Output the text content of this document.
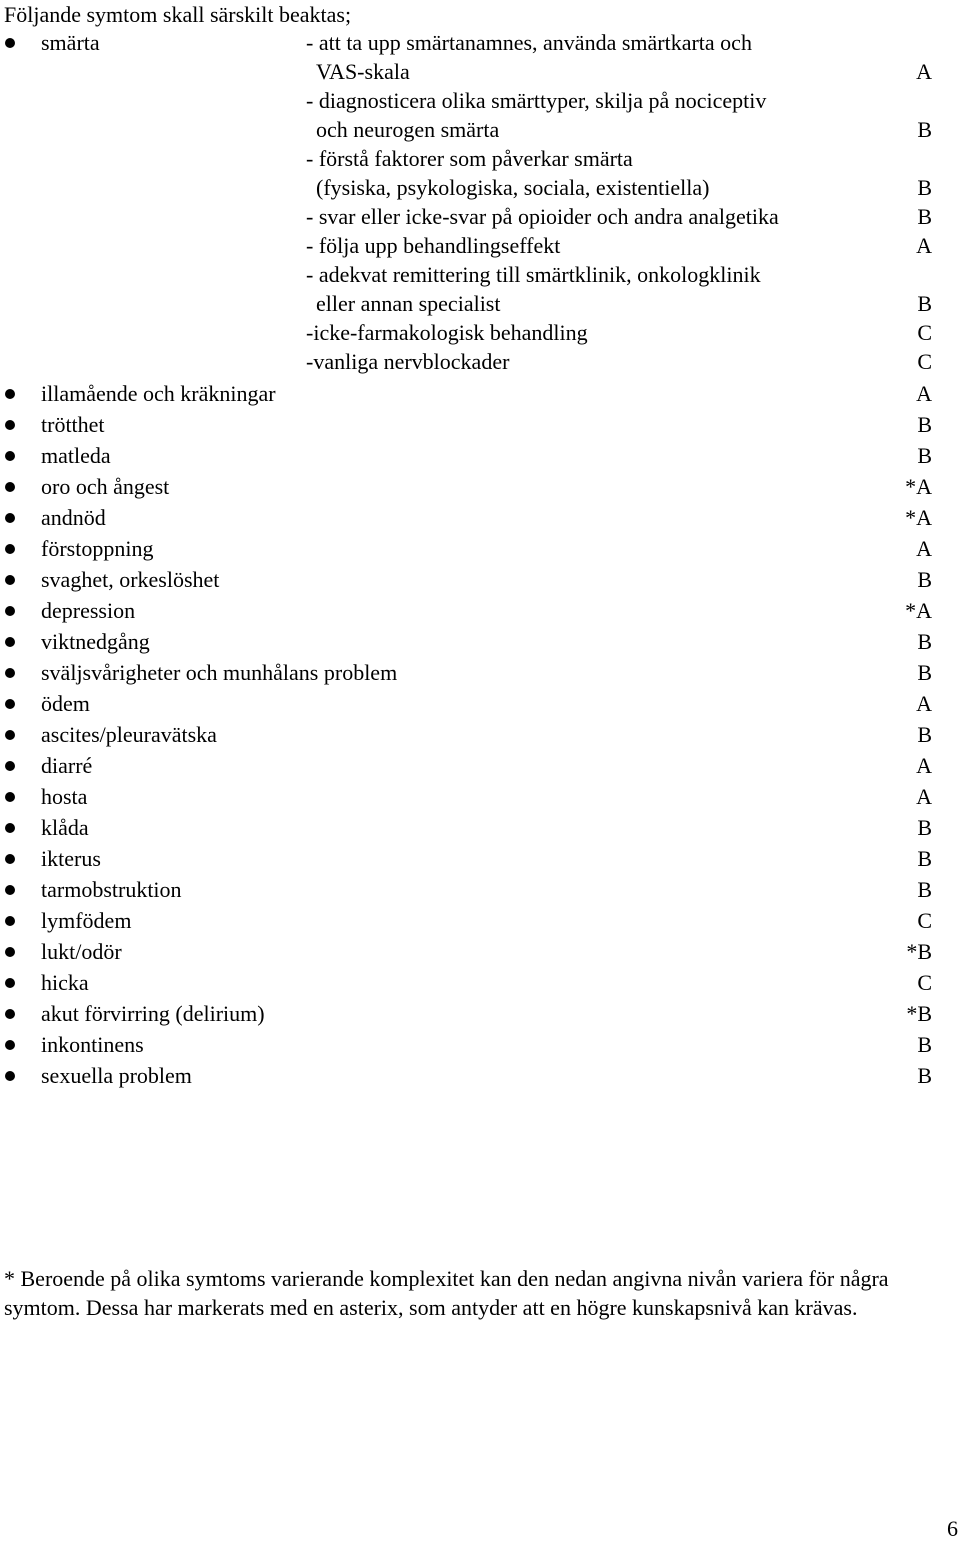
Följande symtom skall särskilt beaktas;
smärta	- att ta upp smärtanamnes, använda smärtkarta och
VAS-skala	A
- diagnosticera olika smärttyper, skilja på nociceptiv
och neurogen smärta	B
- förstå faktorer som påverkar smärta
(fysiska, psykologiska, sociala, existentiella)	B
- svar eller icke-svar på opioider och andra analgetika	B
- följa upp behandlingseffekt	A
- adekvat remittering till smärtklinik, onkologklinik
eller annan specialist	B
-icke-farmakologisk behandling	C
-vanliga nervblockader	C
illamående och kräkningar	A
trötthet	B
matleda	B
oro och ångest	*A
andnöd	*A
förstoppning	A
svaghet, orkeslöshet	B
depression	*A
viktnedgång	B
sväljsvårigheter och munhålans problem	B
ödem	A
ascites/pleuravätska	B
diarré	A
hosta	A
klåda	B
ikterus	B
tarmobstruktion	B
lymfödem	C
lukt/odör	*B
hicka	C
akut förvirring (delirium)	*B
inkontinens	B
sexuella problem	B
* Beroende på olika symtoms varierande komplexitet kan den nedan angivna nivån variera för några symtom. Dessa har markerats med en asterix, som antyder att en högre kunskapsnivå kan krävas.
6
